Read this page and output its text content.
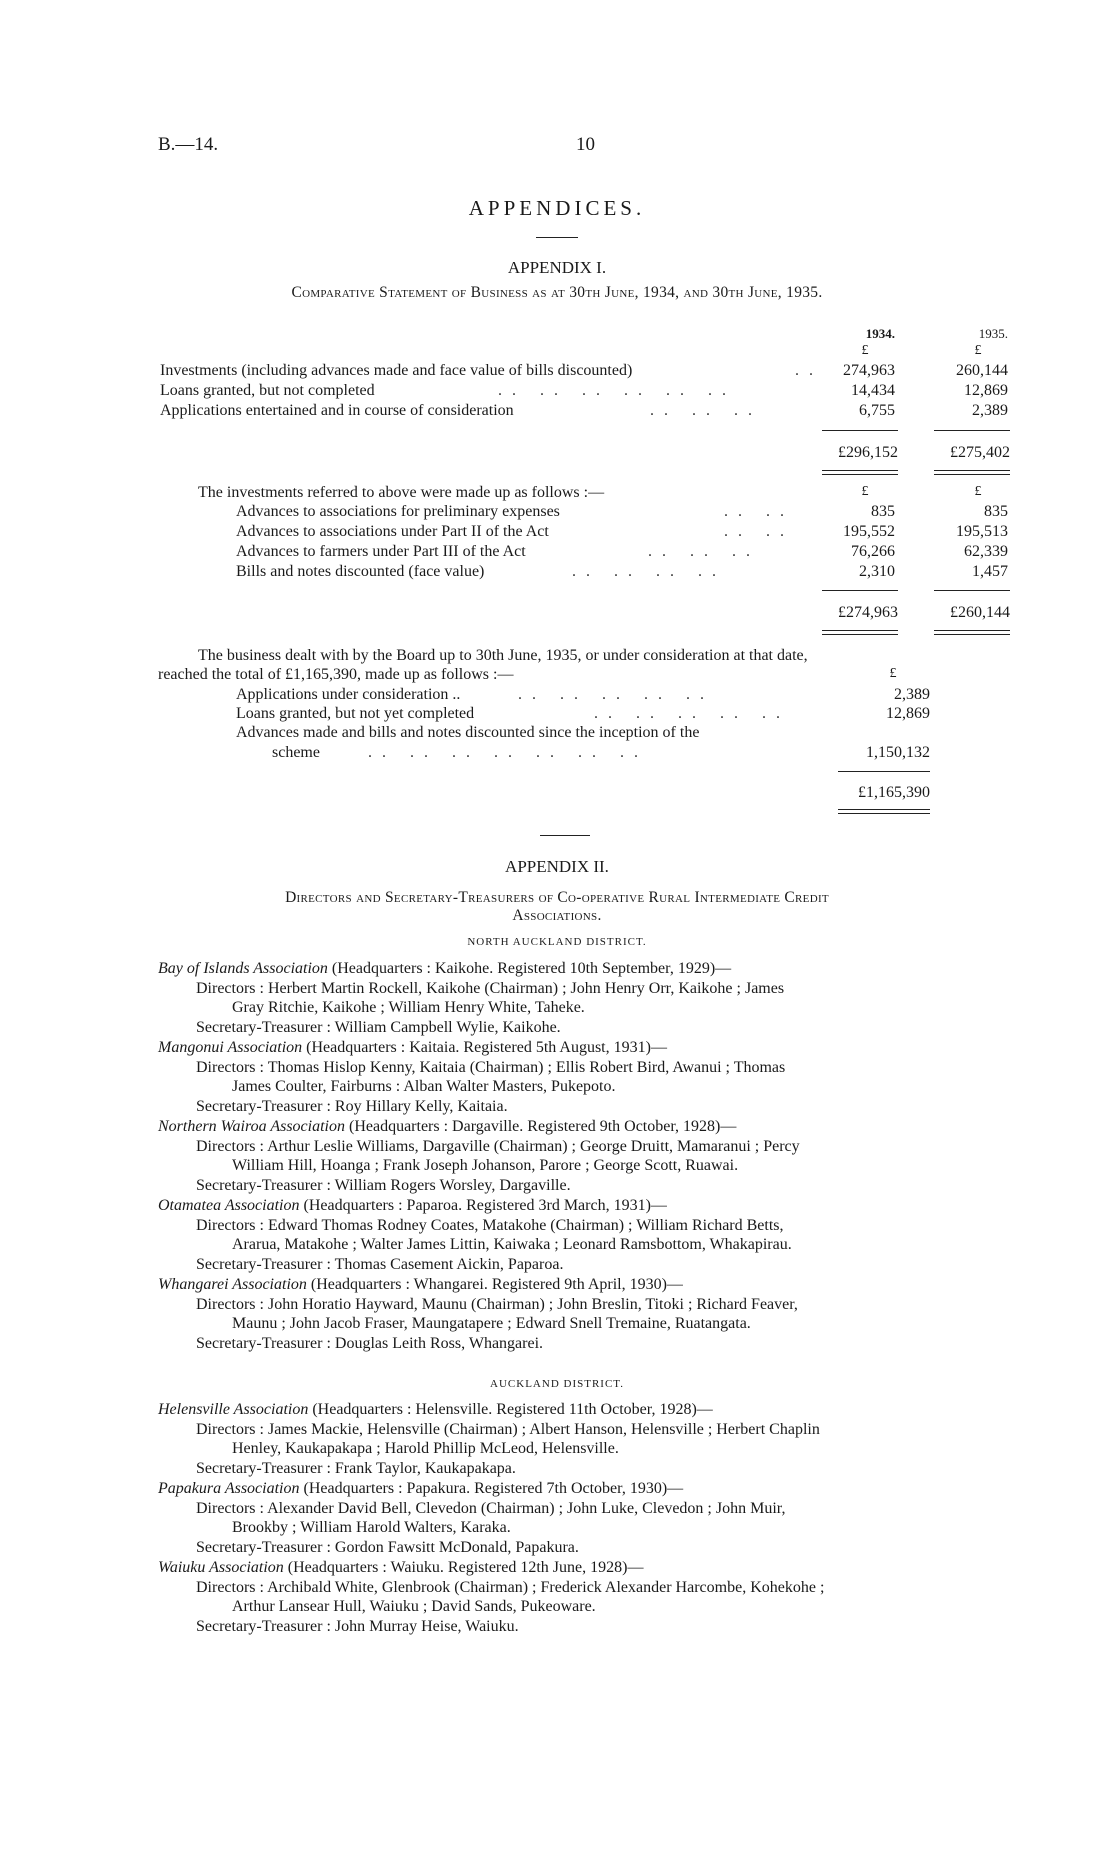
B.—14.	10
APPENDICES.
APPENDIX I.
Comparative Statement of Business as at 30th June, 1934, and 30th June, 1935.
1934.	1935.
£	£
Investments (including advances made and face value of bills discounted)	..	274,963	260,144
Loans granted, but not completed	.. .. .. .. .. ..	14,434	12,869
Applications entertained and in course of consideration	.. .. ..	6,755	2,389
£296,152	£275,402
The investments referred to above were made up as follows :—	£	£
Advances to associations for preliminary expenses	.. ..	835	835
Advances to associations under Part II of the Act	.. ..	195,552	195,513
Advances to farmers under Part III of the Act	.. .. ..	76,266	62,339
Bills and notes discounted (face value)	.. .. .. ..	2,310	1,457
£274,963	£260,144
The business dealt with by the Board up to 30th June, 1935, or under consideration at that date,
reached the total of £1,165,390, made up as follows :—	£
Applications under consideration ..	.. .. .. .. ..	2,389
Loans granted, but not yet completed	.. .. .. .. ..	12,869
Advances made and bills and notes discounted since the inception of the
scheme	.. .. .. .. .. .. ..	1,150,132
£1,165,390
APPENDIX II.
Directors and Secretary-Treasurers of Co-operative Rural Intermediate Credit
Associations.
NORTH AUCKLAND DISTRICT.
Bay of Islands Association (Headquarters : Kaikohe. Registered 10th September, 1929)—
Directors : Herbert Martin Rockell, Kaikohe (Chairman) ; John Henry Orr, Kaikohe ; James
Gray Ritchie, Kaikohe ; William Henry White, Taheke.
Secretary-Treasurer : William Campbell Wylie, Kaikohe.
Mangonui Association (Headquarters : Kaitaia. Registered 5th August, 1931)—
Directors : Thomas Hislop Kenny, Kaitaia (Chairman) ; Ellis Robert Bird, Awanui ; Thomas
James Coulter, Fairburns : Alban Walter Masters, Pukepoto.
Secretary-Treasurer : Roy Hillary Kelly, Kaitaia.
Northern Wairoa Association (Headquarters : Dargaville. Registered 9th October, 1928)—
Directors : Arthur Leslie Williams, Dargaville (Chairman) ; George Druitt, Mamaranui ; Percy
William Hill, Hoanga ; Frank Joseph Johanson, Parore ; George Scott, Ruawai.
Secretary-Treasurer : William Rogers Worsley, Dargaville.
Otamatea Association (Headquarters : Paparoa. Registered 3rd March, 1931)—
Directors : Edward Thomas Rodney Coates, Matakohe (Chairman) ; William Richard Betts,
Ararua, Matakohe ; Walter James Littin, Kaiwaka ; Leonard Ramsbottom, Whakapirau.
Secretary-Treasurer : Thomas Casement Aickin, Paparoa.
Whangarei Association (Headquarters : Whangarei. Registered 9th April, 1930)—
Directors : John Horatio Hayward, Maunu (Chairman) ; John Breslin, Titoki ; Richard Feaver,
Maunu ; John Jacob Fraser, Maungatapere ; Edward Snell Tremaine, Ruatangata.
Secretary-Treasurer : Douglas Leith Ross, Whangarei.
AUCKLAND DISTRICT.
Helensville Association (Headquarters : Helensville. Registered 11th October, 1928)—
Directors : James Mackie, Helensville (Chairman) ; Albert Hanson, Helensville ; Herbert Chaplin
Henley, Kaukapakapa ; Harold Phillip McLeod, Helensville.
Secretary-Treasurer : Frank Taylor, Kaukapakapa.
Papakura Association (Headquarters : Papakura. Registered 7th October, 1930)—
Directors : Alexander David Bell, Clevedon (Chairman) ; John Luke, Clevedon ; John Muir,
Brookby ; William Harold Walters, Karaka.
Secretary-Treasurer : Gordon Fawsitt McDonald, Papakura.
Waiuku Association (Headquarters : Waiuku. Registered 12th June, 1928)—
Directors : Archibald White, Glenbrook (Chairman) ; Frederick Alexander Harcombe, Kohekohe ;
Arthur Lansear Hull, Waiuku ; David Sands, Pukeoware.
Secretary-Treasurer : John Murray Heise, Waiuku.
